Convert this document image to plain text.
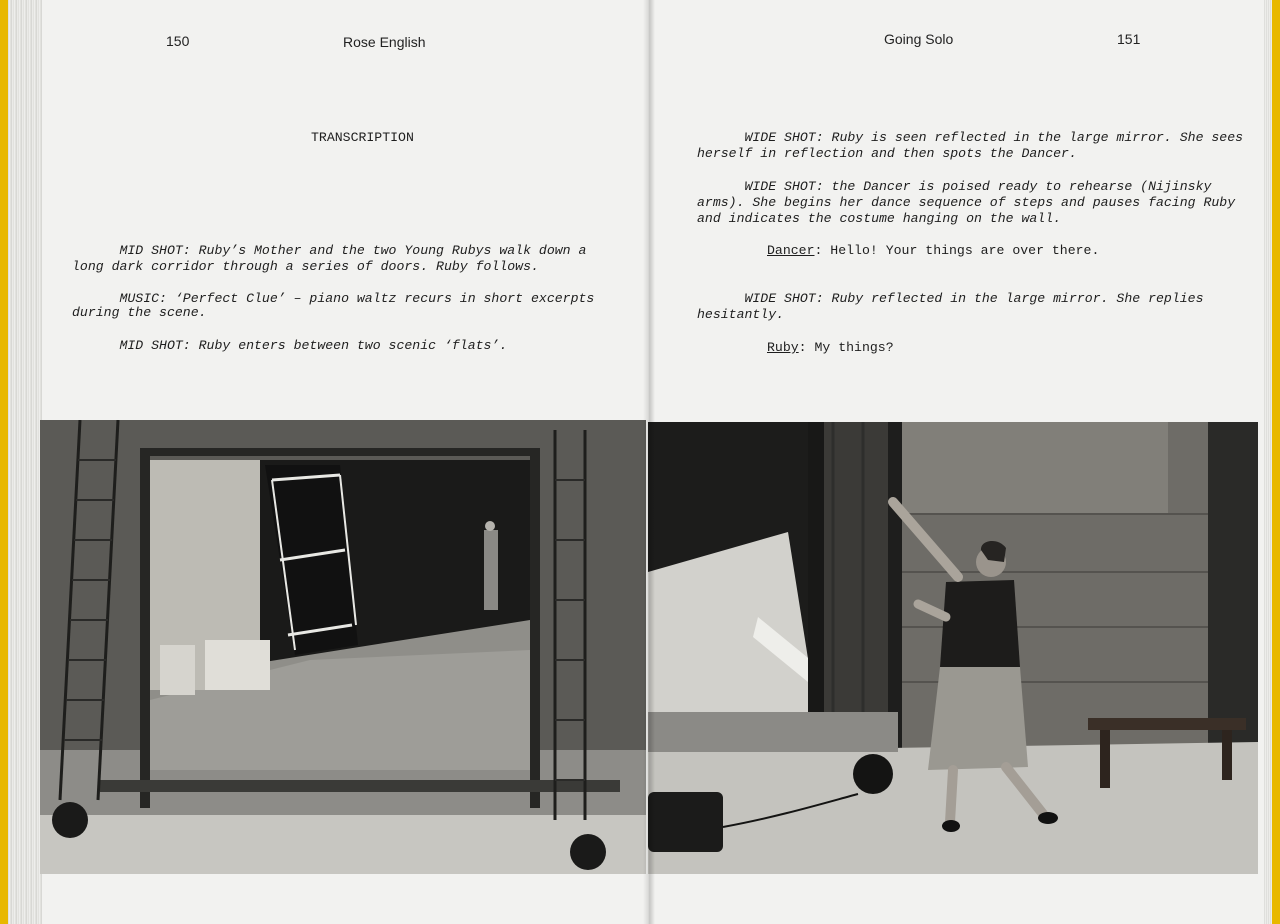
150	Rose English
TRANSCRIPTION
MID SHOT: Ruby’s Mother and the two Young Rubys walk down a
long dark corridor through a series of doors. Ruby follows.
MUSIC: ‘Perfect Clue’ – piano waltz recurs in short excerpts
during the scene.
MID SHOT: Ruby enters between two scenic ‘flats’.
Going Solo	151
WIDE SHOT: Ruby is seen reflected in the large mirror. She sees
herself in reflection and then spots the Dancer.
WIDE SHOT: the Dancer is poised ready to rehearse (Nijinsky
arms). She begins her dance sequence of steps and pauses facing Ruby
and indicates the costume hanging on the wall.
Dancer: Hello! Your things are over there.
WIDE SHOT: Ruby reflected in the large mirror. She replies
hesitantly.
Ruby: My things?
